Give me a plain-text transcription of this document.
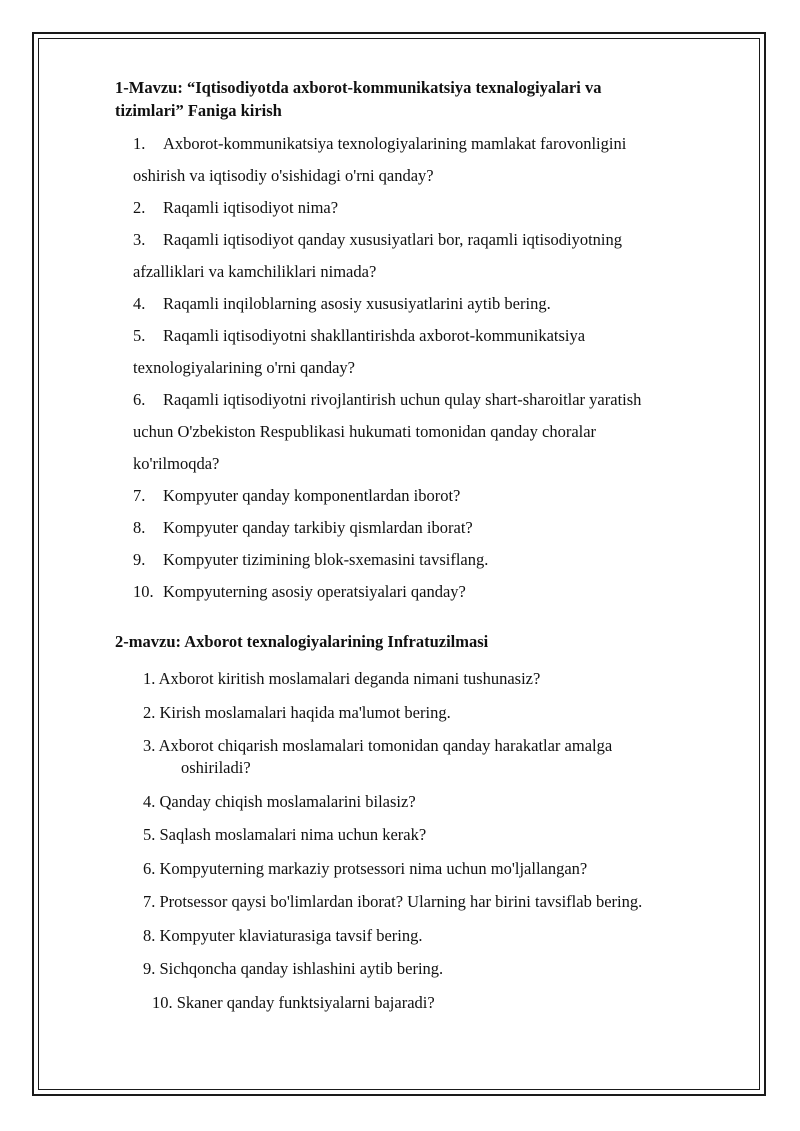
1-Mavzu: “Iqtisodiyotda axborot-kommunikatsiya texnalogiyalari va
tizimlari” Faniga kirish

1. Axborot-kommunikatsiya texnologiyalarining mamlakat farovonligini
oshirish va iqtisodiy o'sishidagi o'rni qanday?
2. Raqamli iqtisodiyot nima?
3. Raqamli iqtisodiyot qanday xususiyatlari bor, raqamli iqtisodiyotning
afzalliklari va kamchiliklari nimada?
4. Raqamli inqiloblarning asosiy xususiyatlarini aytib bering.
5. Raqamli iqtisodiyotni shakllantirishda axborot-kommunikatsiya
texnologiyalarining o'rni qanday?
6. Raqamli iqtisodiyotni rivojlantirish uchun qulay shart-sharoitlar yaratish
uchun O'zbekiston Respublikasi hukumati tomonidan qanday choralar
ko'rilmoqda?
7. Kompyuter qanday komponentlardan iborot?
8. Kompyuter qanday tarkibiy qismlardan iborat?
9. Kompyuter tizimining blok-sxemasini tavsiflang.
10. Kompyuterning asosiy operatsiyalari qanday?

2-mavzu: Axborot texnalogiyalarining Infratuzilmasi

1. Axborot kiritish moslamalari deganda nimani tushunasiz?
2. Kirish moslamalari haqida ma'lumot bering.
3. Axborot chiqarish moslamalari tomonidan qanday harakatlar amalga
oshiriladi?
4. Qanday chiqish moslamalarini bilasiz?
5. Saqlash moslamalari nima uchun kerak?
6. Kompyuterning markaziy protsessori nima uchun mo'ljallangan?
7. Protsessor qaysi bo'limlardan iborat? Ularning har birini tavsiflab bering.
8. Kompyuter klaviaturasiga tavsif bering.
9. Sichqoncha qanday ishlashini aytib bering.
10. Skaner qanday funktsiyalarni bajaradi?
